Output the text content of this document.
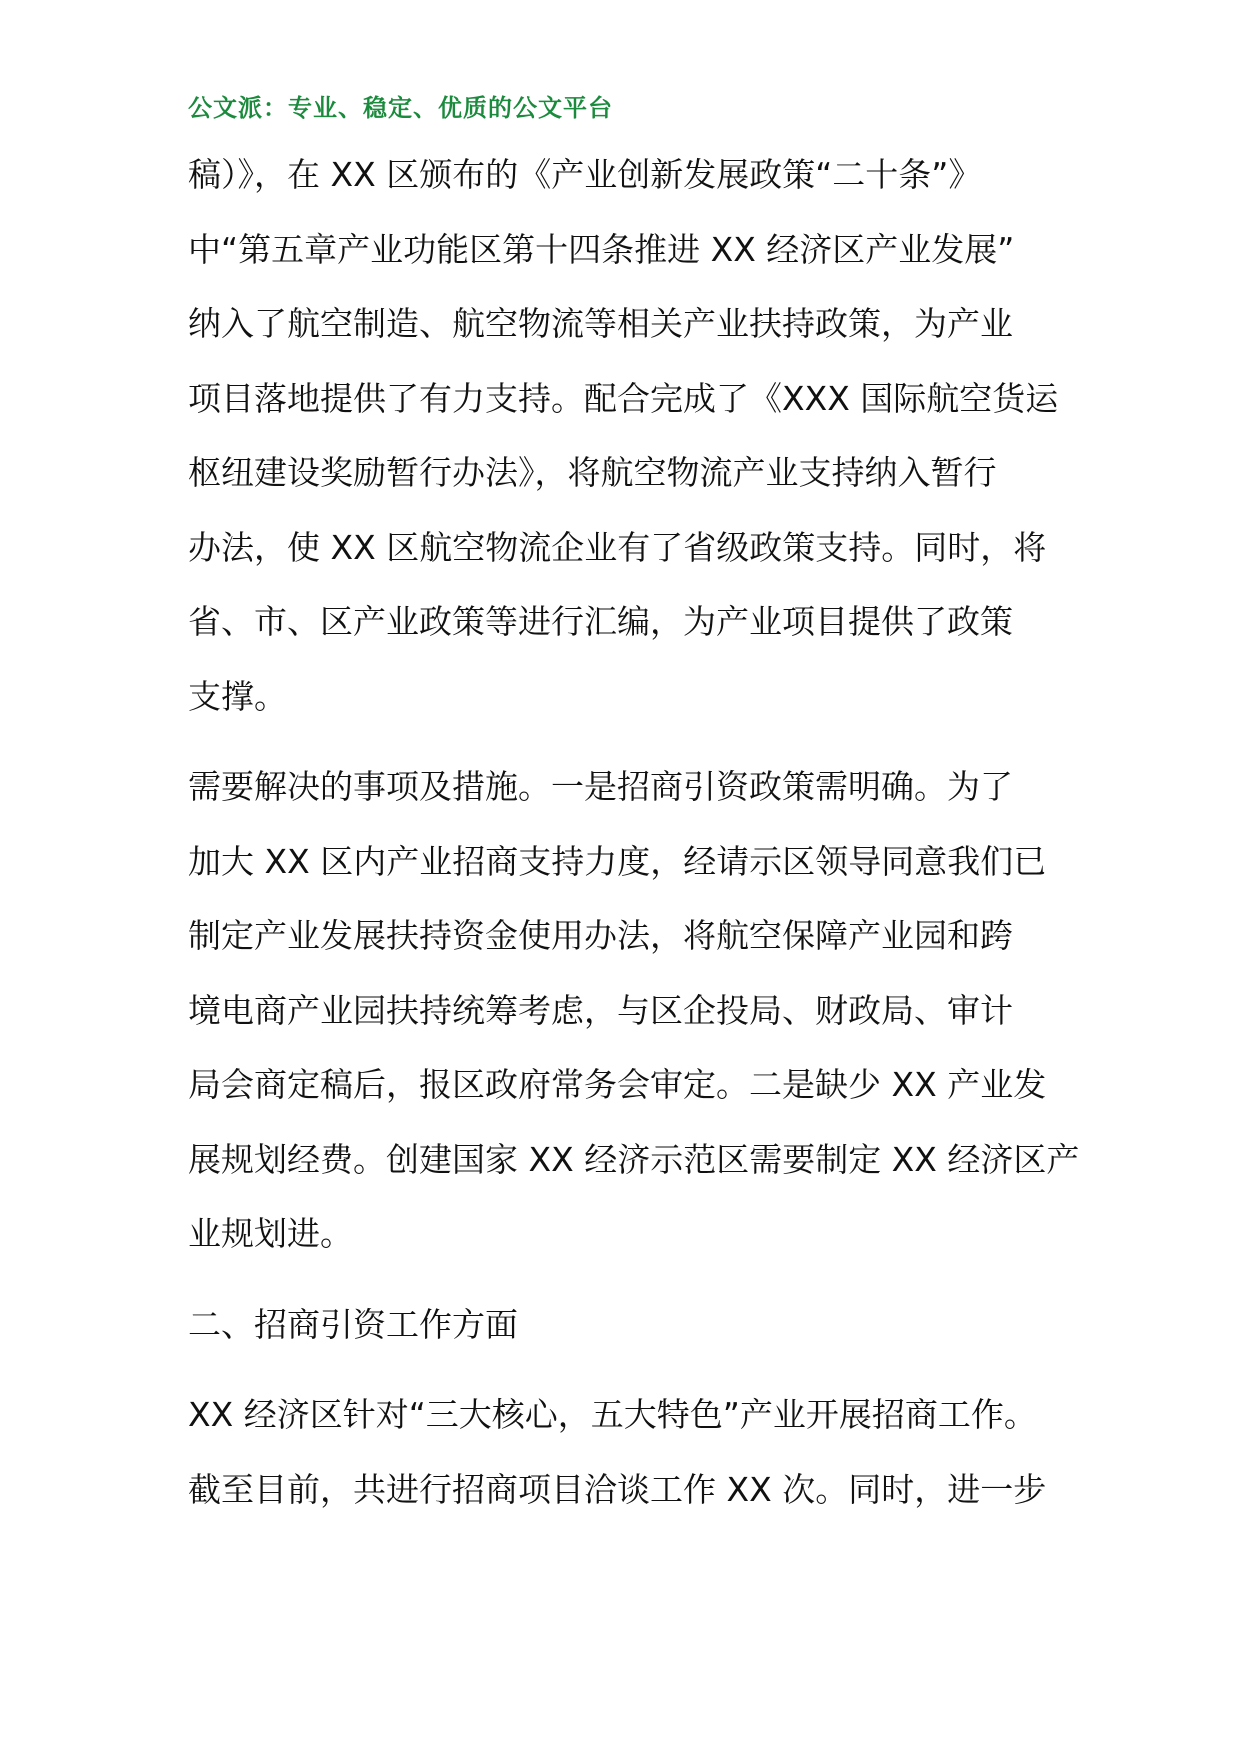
公文派：专业、稳定、优质的公文平台
稿）》，在 XX 区颁布的《产业创新发展政策“二十条”》
中“第五章产业功能区第十四条推进 XX 经济区产业发展”
纳入了航空制造、航空物流等相关产业扶持政策，为产业
项目落地提供了有力支持。配合完成了《XXX 国际航空货运
枢纽建设奖励暂行办法》，将航空物流产业支持纳入暂行
办法，使 XX 区航空物流企业有了省级政策支持。同时，将
省、市、区产业政策等进行汇编，为产业项目提供了政策
支撑。
需要解决的事项及措施。一是招商引资政策需明确。为了
加大 XX 区内产业招商支持力度，经请示区领导同意我们已
制定产业发展扶持资金使用办法，将航空保障产业园和跨
境电商产业园扶持统筹考虑，与区企投局、财政局、审计
局会商定稿后，报区政府常务会审定。二是缺少 XX 产业发
展规划经费。创建国家 XX 经济示范区需要制定 XX 经济区产
业规划进。
二、招商引资工作方面
XX 经济区针对“三大核心，五大特色”产业开展招商工作。
截至目前，共进行招商项目洽谈工作 XX 次。同时，进一步
